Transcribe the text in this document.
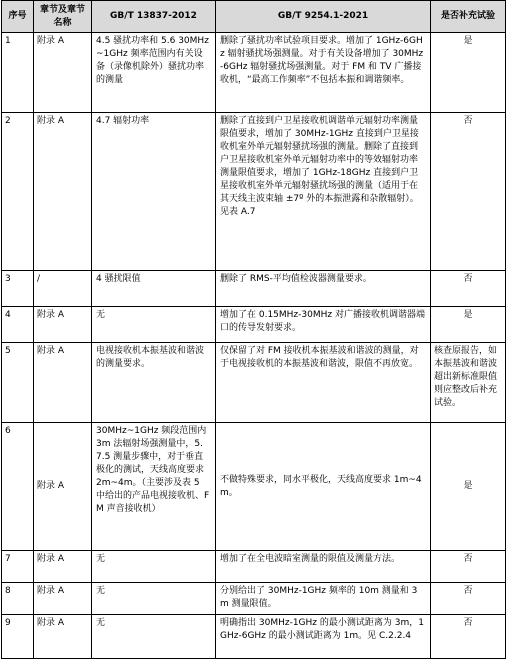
序号	章节及章节名称	GB/T 13837-2012	GB/T 9254.1-2021	是否补充试验
1	附录 A	4.5 骚扰功率和 5.6 30MHz~1GHz 频率范围内有关设备（录像机除外）骚扰功率的测量	删除了骚扰功率试验项目要求。增加了 1GHz-6GHz 辐射骚扰场强测量。对于有关设备增加了 30MHz-6GHz 辐射骚扰场强测量。对于 FM 和 TV 广播接收机，“最高工作频率”不包括本振和调谐频率。	是
2	附录 A	4.7 辐射功率	删除了直接到户卫星接收机调谐单元辐射功率测量限值要求，增加了 30MHz-1GHz 直接到户卫星接收机室外单元辐射骚扰场强的测量。删除了直接到户卫星接收机室外单元辐射功率中的等效辐射功率测量限值要求，增加了 1GHz-18GHz 直接到户卫星接收机室外单元辐射骚扰场强的测量（适用于在其天线主波束轴 ±7º 外的本振泄露和杂散辐射）。见表 A.7	否
3	/	4 骚扰限值	删除了 RMS-平均值检波器测量要求。	否
4	附录 A	无	增加了在 0.15MHz-30MHz 对广播接收机调谐器端口的传导发射要求。	是
5	附录 A	电视接收机本振基波和谐波的测量要求。	仅保留了对 FM 接收机本振基波和谐波的测量，对于电视接收机的本振基波和谐波，限值不再放宽。	核查原报告，如本振基波和谐波超出新标准限值则应整改后补充试验。
6	附录 A	30MHz~1GHz 频段范围内 3m 法辐射场强测量中，5.7.5 测量步骤中，对于垂直极化的测试，天线高度要求 2m~4m。（主要涉及表 5 中给出的产品电视接收机、FM 声音接收机）	不做特殊要求，同水平极化，天线高度要求 1m~4m。	是
7	附录 A	无	增加了在全电波暗室测量的限值及测量方法。	否
8	附录 A	无	分别给出了 30MHz-1GHz 频率的 10m 测量和 3m 测量限值。	否
9	附录 A	无	明确指出 30MHz-1GHz 的最小测试距离为 3m，1GHz-6GHz 的最小测试距离为 1m。见 C.2.2.4	否
